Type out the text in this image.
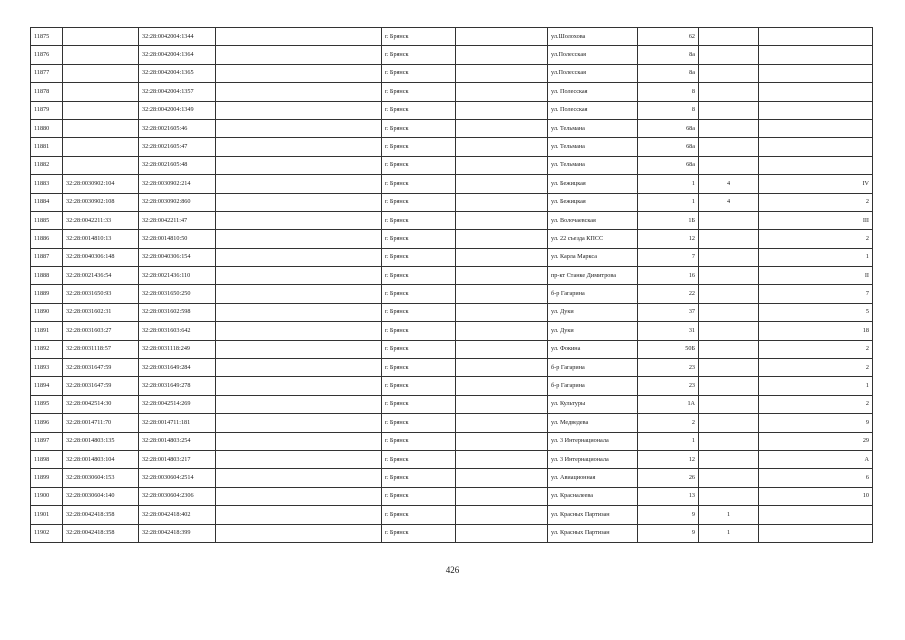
11875		32:28:0042004:1344		г. Брянск		ул.Шолохова	62		
11876		32:28:0042004:1364		г. Брянск		ул.Полесская	8а		
11877		32:28:0042004:1365		г. Брянск		ул.Полесская	8а		
11878		32:28:0042004:1357		г. Брянск		ул. Полесская	8		
11879		32:28:0042004:1349		г. Брянск		ул. Полесская	8		
11880		32:28:0021605:46		г. Брянск		ул. Тельмана	68а		
11881		32:28:0021605:47		г. Брянск		ул. Тельмана	68а		
11882		32:28:0021605:48		г. Брянск		ул. Тельмана	68а		
11883	32:28:0030902:104	32:28:0030902:214		г. Брянск		ул. Бежицкая	1	4	IV
11884	32:28:0030902:108	32:28:0030902:860		г. Брянск		ул. Бежицкая	1	4	2
11885	32:28:0042211:33	32:28:0042211:47		г. Брянск		ул. Волочаевская	1Б		III
11886	32:28:0014810:13	32:28:0014810:50		г. Брянск		ул. 22 съезда КПСС	12		2
11887	32:28:0040306:148	32:28:0040306:154		г. Брянск		ул. Карла Маркса	7		1
11888	32:28:0021436:54	32:28:0021436:110		г. Брянск		пр-кт Станке Димитрова	16		II
11889	32:28:0031650:93	32:28:0031650:250		г. Брянск		б-р Гагарина	22		7
11890	32:28:0031602:31	32:28:0031602:598		г. Брянск		ул. Дуки	37		5
11891	32:28:0031603:27	32:28:0031603:642		г. Брянск		ул. Дуки	31		18
11892	32:28:0031118:57	32:28:0031118:249		г. Брянск		ул. Фокина	50Б		2
11893	32:28:0031647:59	32:28:0031649:284		г. Брянск		б-р Гагарина	23		2
11894	32:28:0031647:59	32:28:0031649:278		г. Брянск		б-р Гагарина	23		1
11895	32:28:0042514:30	32:28:0042514:269		г. Брянск		ул. Культуры	1А		2
11896	32:28:0014711:70	32:28:0014711:181		г. Брянск		ул. Медведева	2		9
11897	32:28:0014803:135	32:28:0014803:254		г. Брянск		ул. 3 Интернационала	1		29
11898	32:28:0014803:104	32:28:0014803:217		г. Брянск		ул. 3 Интернационала	12		А
11899	32:28:0030604:153	32:28:0030604:2514		г. Брянск		ул. Авиационная	26		6
11900	32:28:0030604:140	32:28:0030604:2306		г. Брянск		ул. Красналеева	13		10
11901	32:28:0042418:358	32:28:0042418:402		г. Брянск		ул. Красных Партизан	9	1	
11902	32:28:0042418:358	32:28:0042418:399		г. Брянск		ул. Красных Партизан	9	1	
426
